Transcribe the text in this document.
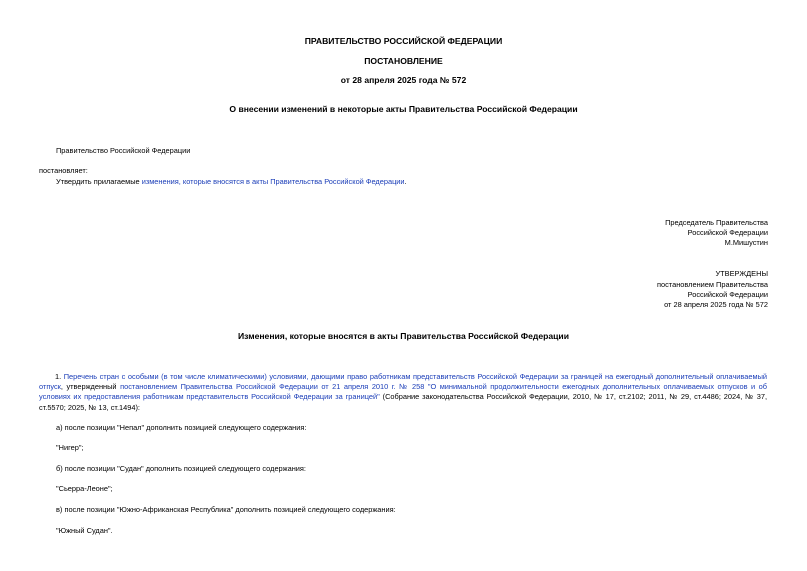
ПРАВИТЕЛЬСТВО РОССИЙСКОЙ ФЕДЕРАЦИИ
ПОСТАНОВЛЕНИЕ
от 28 апреля 2025 года № 572
О внесении изменений в некоторые акты Правительства Российской Федерации
Правительство Российской Федерации
постановляет:
Утвердить прилагаемые изменения, которые вносятся в акты Правительства Российской Федерации.
Председатель Правительства
Российской Федерации
М.Мишустин
УТВЕРЖДЕНЫ
постановлением Правительства
Российской Федерации
от 28 апреля 2025 года № 572
Изменения, которые вносятся в акты Правительства Российской Федерации
1. Перечень стран с особыми (в том числе климатическими) условиями, дающими право работникам представительств Российской Федерации за границей на ежегодный дополнительный оплачиваемый отпуск, утвержденный постановлением Правительства Российской Федерации от 21 апреля 2010 г. № 258 "О минимальной продолжительности ежегодных дополнительных оплачиваемых отпусков и об условиях их предоставления работникам представительств Российской Федерации за границей" (Собрание законодательства Российской Федерации, 2010, № 17, ст.2102; 2011, № 29, ст.4486; 2024, № 37, ст.5570; 2025, № 13, ст.1494):
а) после позиции "Непал" дополнить позицией следующего содержания:
"Нигер";
б) после позиции "Судан" дополнить позицией следующего содержания:
"Сьерра-Леоне";
в) после позиции "Южно-Африканская Республика" дополнить позицией следующего содержания:
"Южный Судан".
